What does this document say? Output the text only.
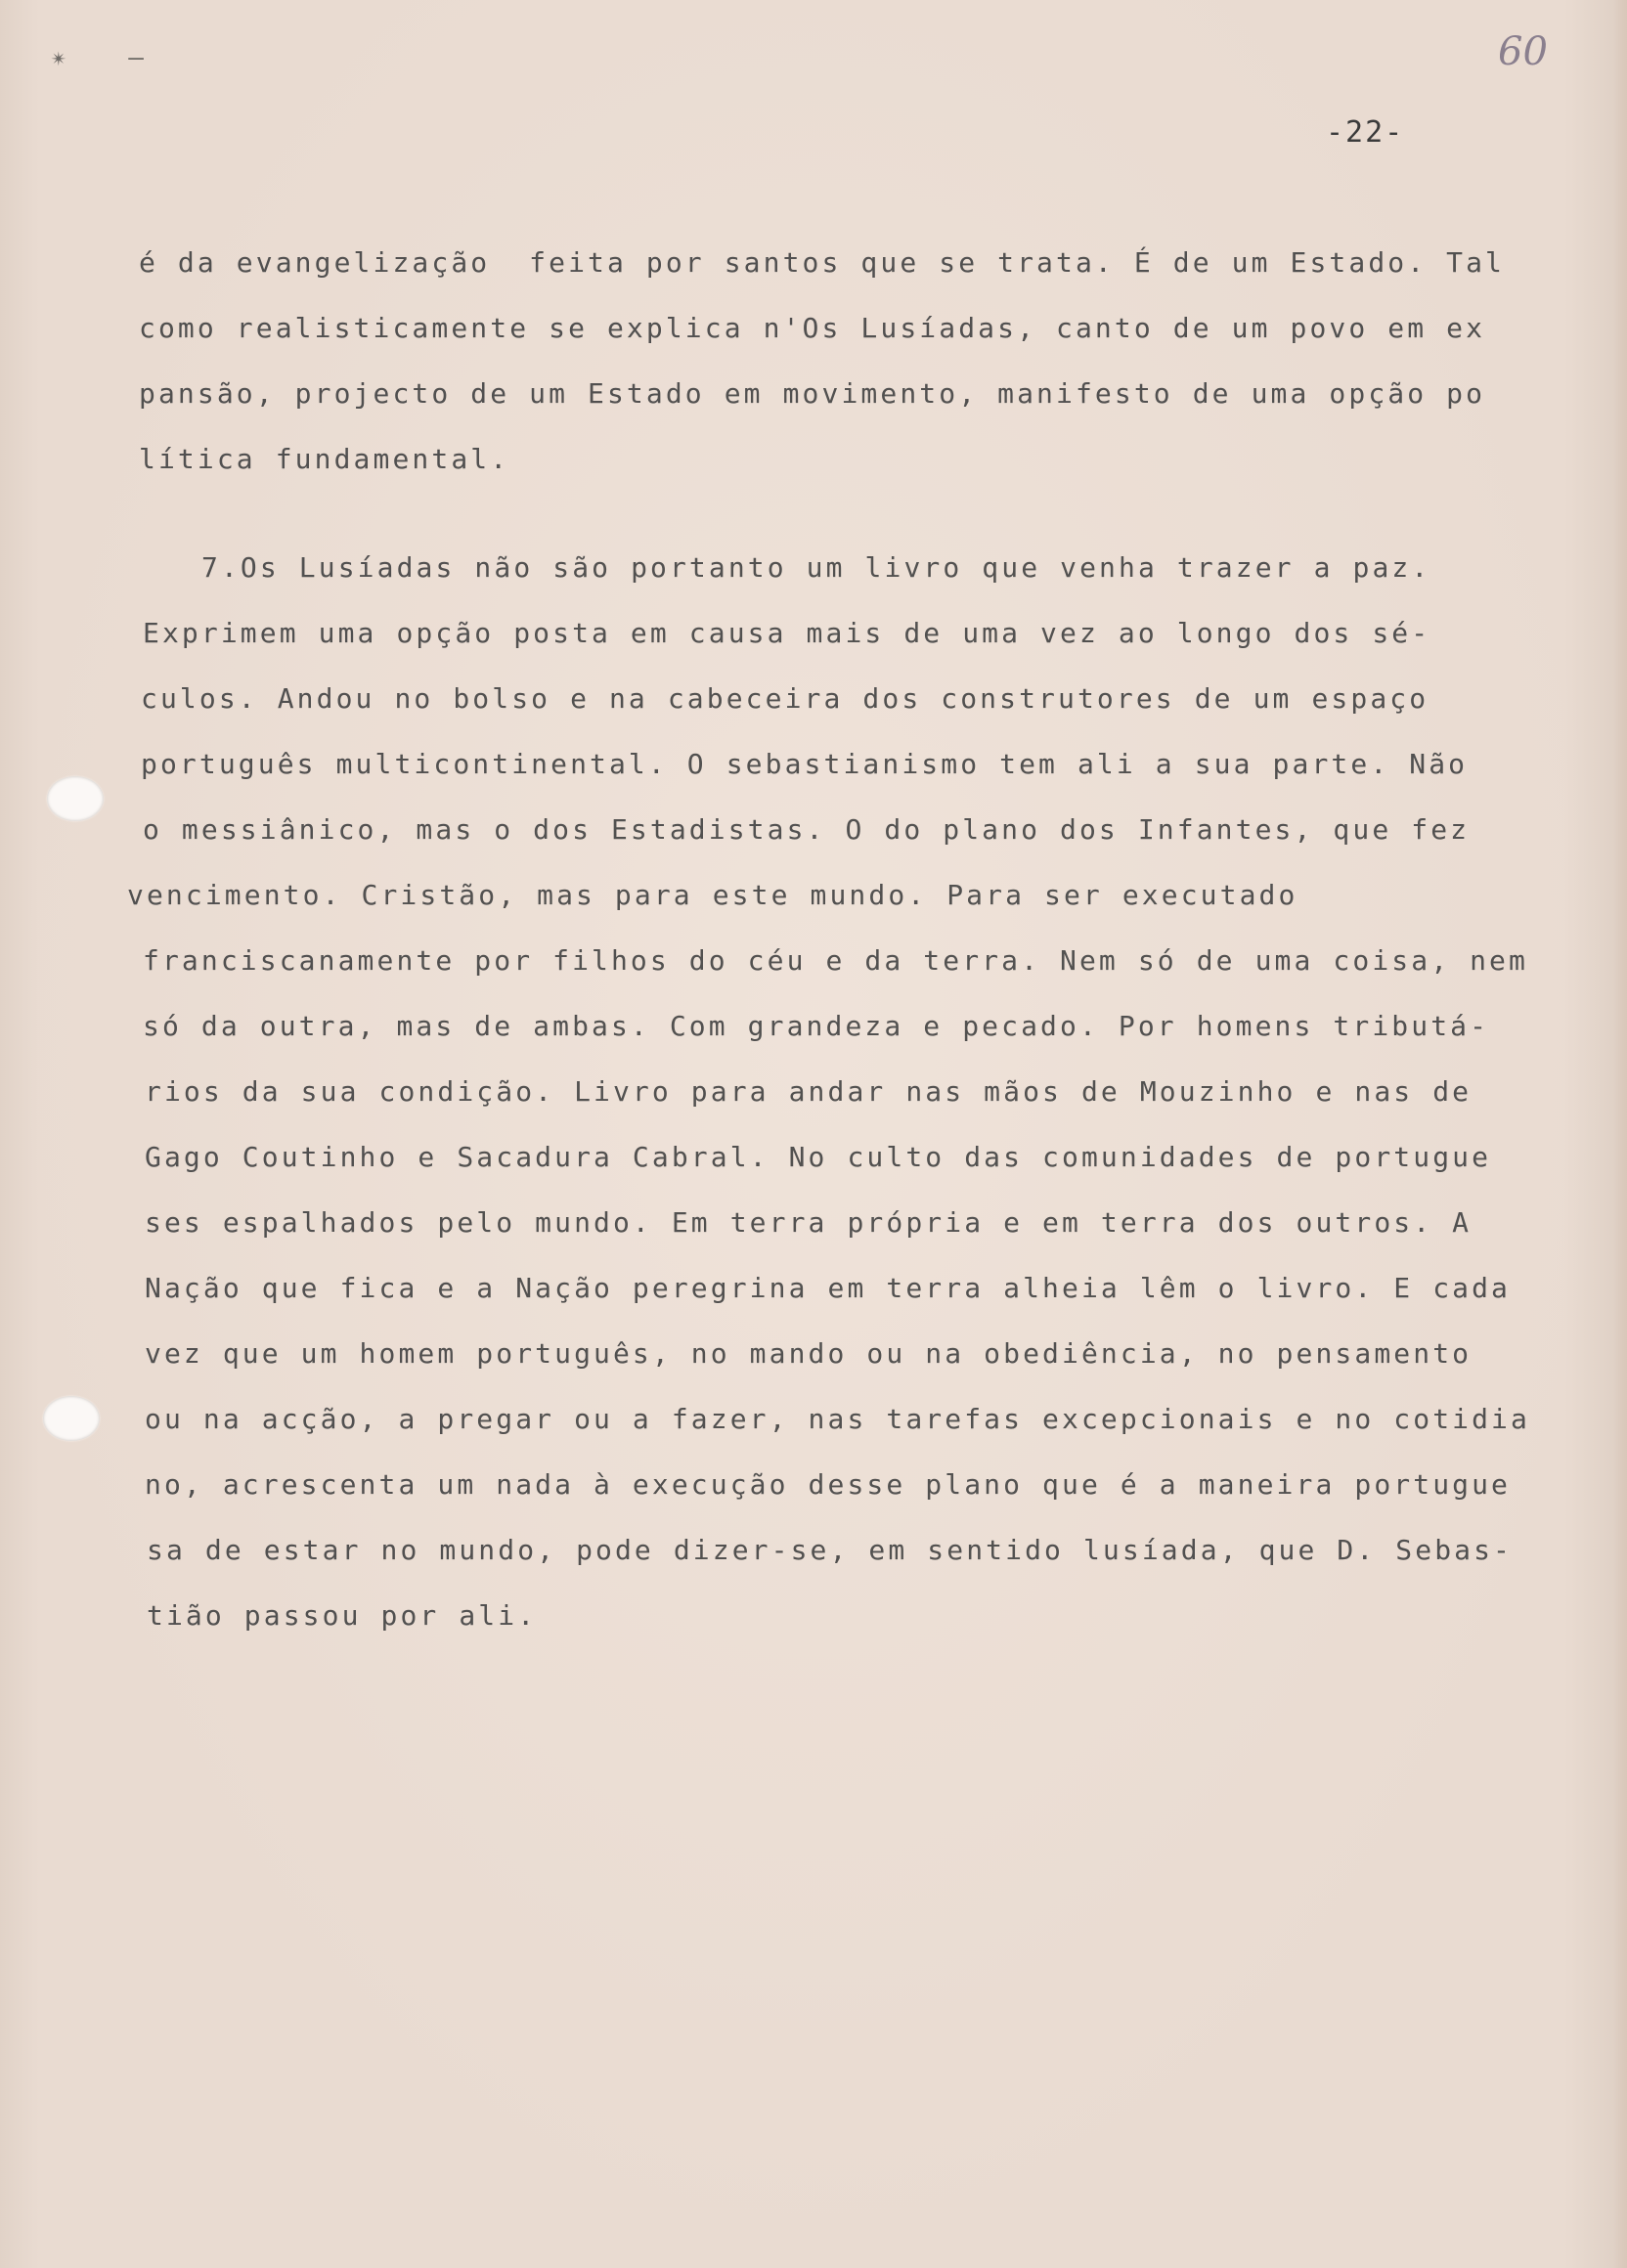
✴ —	60
-22-
é da evangelização  feita por santos que se trata. É de um Estado. Tal
como realisticamente se explica n'Os Lusíadas, canto de um povo em ex
pansão, projecto de um Estado em movimento, manifesto de uma opção po
lítica fundamental.
7.Os Lusíadas não são portanto um livro que venha trazer a paz.
Exprimem uma opção posta em causa mais de uma vez ao longo dos sé-
culos. Andou no bolso e na cabeceira dos construtores de um espaço
português multicontinental. O sebastianismo tem ali a sua parte. Não
o messiânico, mas o dos Estadistas. O do plano dos Infantes, que fez
vencimento. Cristão, mas para este mundo. Para ser executado
franciscanamente por filhos do céu e da terra. Nem só de uma coisa, nem
só da outra, mas de ambas. Com grandeza e pecado. Por homens tributá-
rios da sua condição. Livro para andar nas mãos de Mouzinho e nas de
Gago Coutinho e Sacadura Cabral. No culto das comunidades de portugue
ses espalhados pelo mundo. Em terra própria e em terra dos outros. A
Nação que fica e a Nação peregrina em terra alheia lêm o livro. E cada
vez que um homem português, no mando ou na obediência, no pensamento
ou na acção, a pregar ou a fazer, nas tarefas excepcionais e no cotidia
no, acrescenta um nada à execução desse plano que é a maneira portugue
sa de estar no mundo, pode dizer-se, em sentido lusíada, que D. Sebas-
tião passou por ali.
